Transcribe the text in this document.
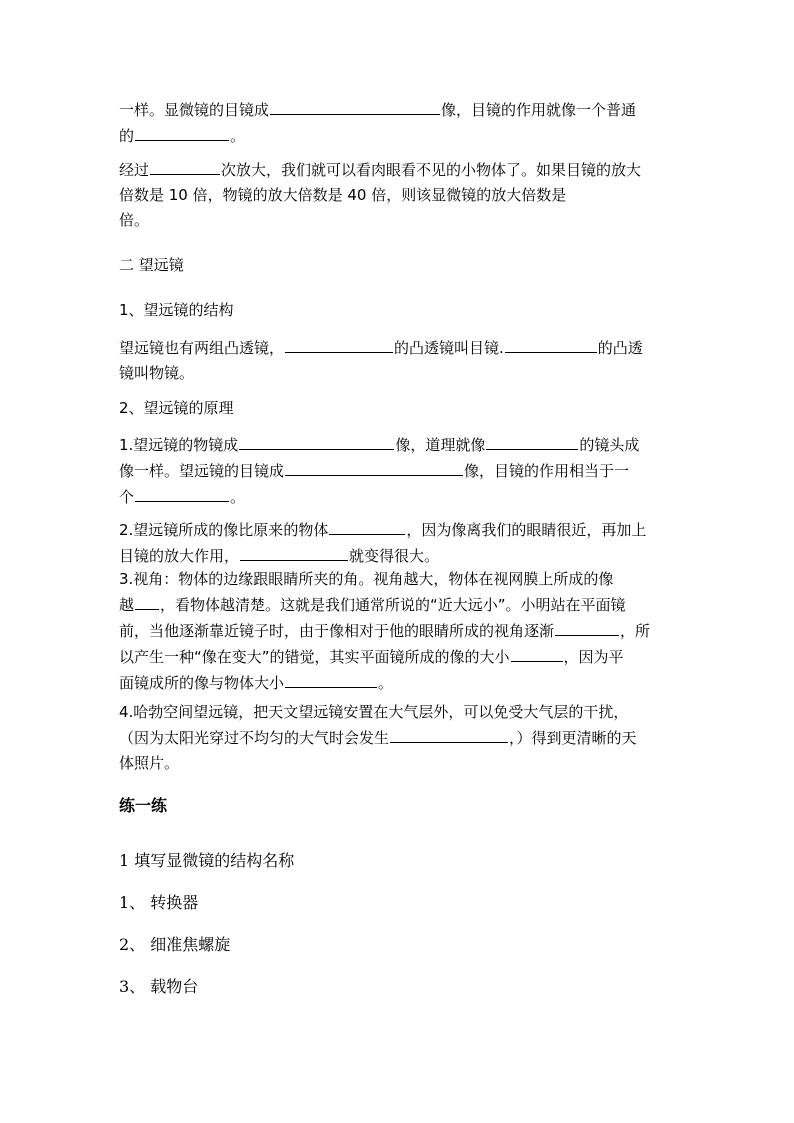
一样。显微镜的目镜成	像，目镜的作用就像一个普通
的	。

经过	次放大，我们就可以看肉眼看不见的小物体了。如果目镜的放大
倍数是 10 倍，物镜的放大倍数是 40 倍，则该显微镜的放大倍数是
倍。

二 望远镜

1、望远镜的结构

望远镜也有两组凸透镜，	的凸透镜叫目镜.	的凸透
镜叫物镜。

2、望远镜的原理

1.望远镜的物镜成	像，道理就像	的镜头成
像一样。望远镜的目镜成	像，目镜的作用相当于一
个	。

2.望远镜所成的像比原来的物体	，因为像离我们的眼睛很近，再加上
目镜的放大作用，	就变得很大。

3.视角：物体的边缘跟眼睛所夹的角。视角越大，物体在视网膜上所成的像
越 ，看物体越清楚。这就是我们通常所说的“近大远小”。小明站在平面镜
前，当他逐渐靠近镜子时，由于像相对于他的眼睛所成的视角逐渐	，所
以产生一种“像在变大”的错觉，其实平面镜所成的像的大小	，因为平
面镜成所的像与物体大小	。

4.哈勃空间望远镜，把天文望远镜安置在大气层外，可以免受大气层的干扰，
（因为太阳光穿过不均匀的大气时会发生	，）得到更清晰的天
体照片。

练一练

1 填写显微镜的结构名称

1、 转换器

2、 细准焦螺旋

3、 载物台
